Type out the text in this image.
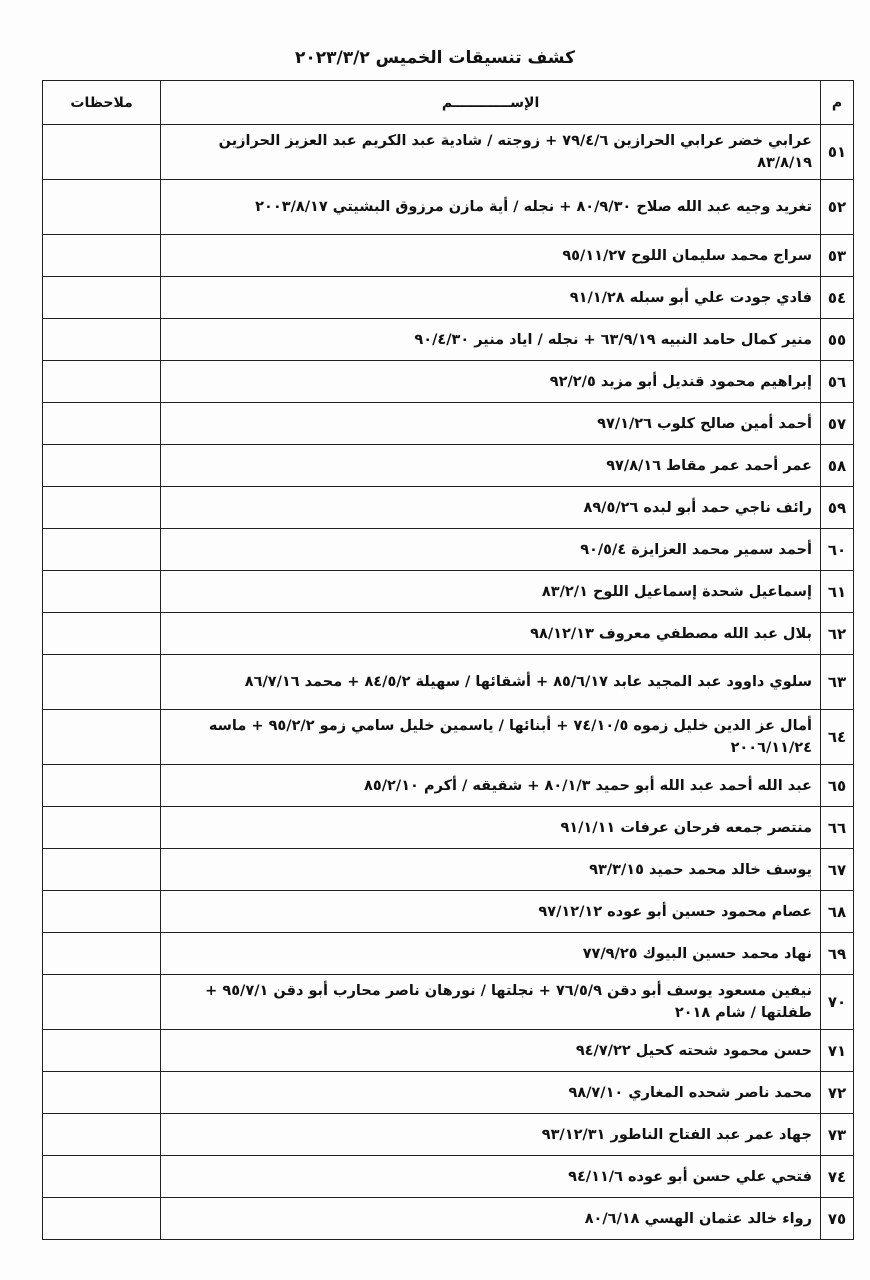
كشف تنسيقات الخميس ٢٠٢٣/٣/٢
م	الإســــــــــــم	ملاحظات
٥١	عرابي خضر عرابي الحرازين ٧٩/٤/٦ + زوجته / شادية عبد الكريم عبد العزيز الحرازين ٨٣/٨/١٩	
٥٢	تغريد وجيه عبد الله صلاح ٨٠/٩/٣٠ + نجله / أية مازن مرزوق البشيتي ٢٠٠٣/٨/١٧	
٥٣	سراج محمد سليمان اللوح ٩٥/١١/٢٧	
٥٤	فادي جودت علي أبو سبله ٩١/١/٢٨	
٥٥	منير كمال حامد النبيه ٦٣/٩/١٩ + نجله / اياد منير ٩٠/٤/٣٠	
٥٦	إبراهيم محمود قنديل أبو مزيد ٩٢/٢/٥	
٥٧	أحمد أمين صالح كلوب ٩٧/١/٢٦	
٥٨	عمر أحمد عمر مقاط ٩٧/٨/١٦	
٥٩	رائف ناجي حمد أبو لبده ٨٩/٥/٢٦	
٦٠	أحمد سمير محمد العزايزة ٩٠/٥/٤	
٦١	إسماعيل شحدة إسماعيل اللوح ٨٣/٢/١	
٦٢	بلال عبد الله مصطفي معروف ٩٨/١٢/١٣	
٦٣	سلوي داوود عبد المجيد عابد ٨٥/٦/١٧ + أشقائها / سهيلة ٨٤/٥/٢ + محمد ٨٦/٧/١٦	
٦٤	أمال عز الدين خليل زموه ٧٤/١٠/٥ + أبنائها / ياسمين خليل سامي زمو ٩٥/٢/٢ + ماسه ٢٠٠٦/١١/٢٤	
٦٥	عبد الله أحمد عبد الله أبو حميد ٨٠/١/٣ + شقيقه / أكرم ٨٥/٢/١٠	
٦٦	منتصر جمعه فرحان عرفات ٩١/١/١١	
٦٧	يوسف خالد محمد حميد ٩٣/٣/١٥	
٦٨	عصام محمود حسين أبو عوده ٩٧/١٢/١٢	
٦٩	نهاد محمد حسين البيوك ٧٧/٩/٢٥	
٧٠	نيفين مسعود يوسف أبو دقن ٧٦/٥/٩ + نجلتها / نورهان ناصر محارب أبو دقن ٩٥/٧/١ + طفلتها / شام ٢٠١٨	
٧١	حسن محمود شحته كحيل ٩٤/٧/٢٢	
٧٢	محمد ناصر شحده المغاري ٩٨/٧/١٠	
٧٣	جهاد عمر عبد الفتاح الناطور ٩٣/١٢/٣١	
٧٤	فتحي علي حسن أبو عوده ٩٤/١١/٦	
٧٥	رواء خالد عثمان الهسي ٨٠/٦/١٨	
